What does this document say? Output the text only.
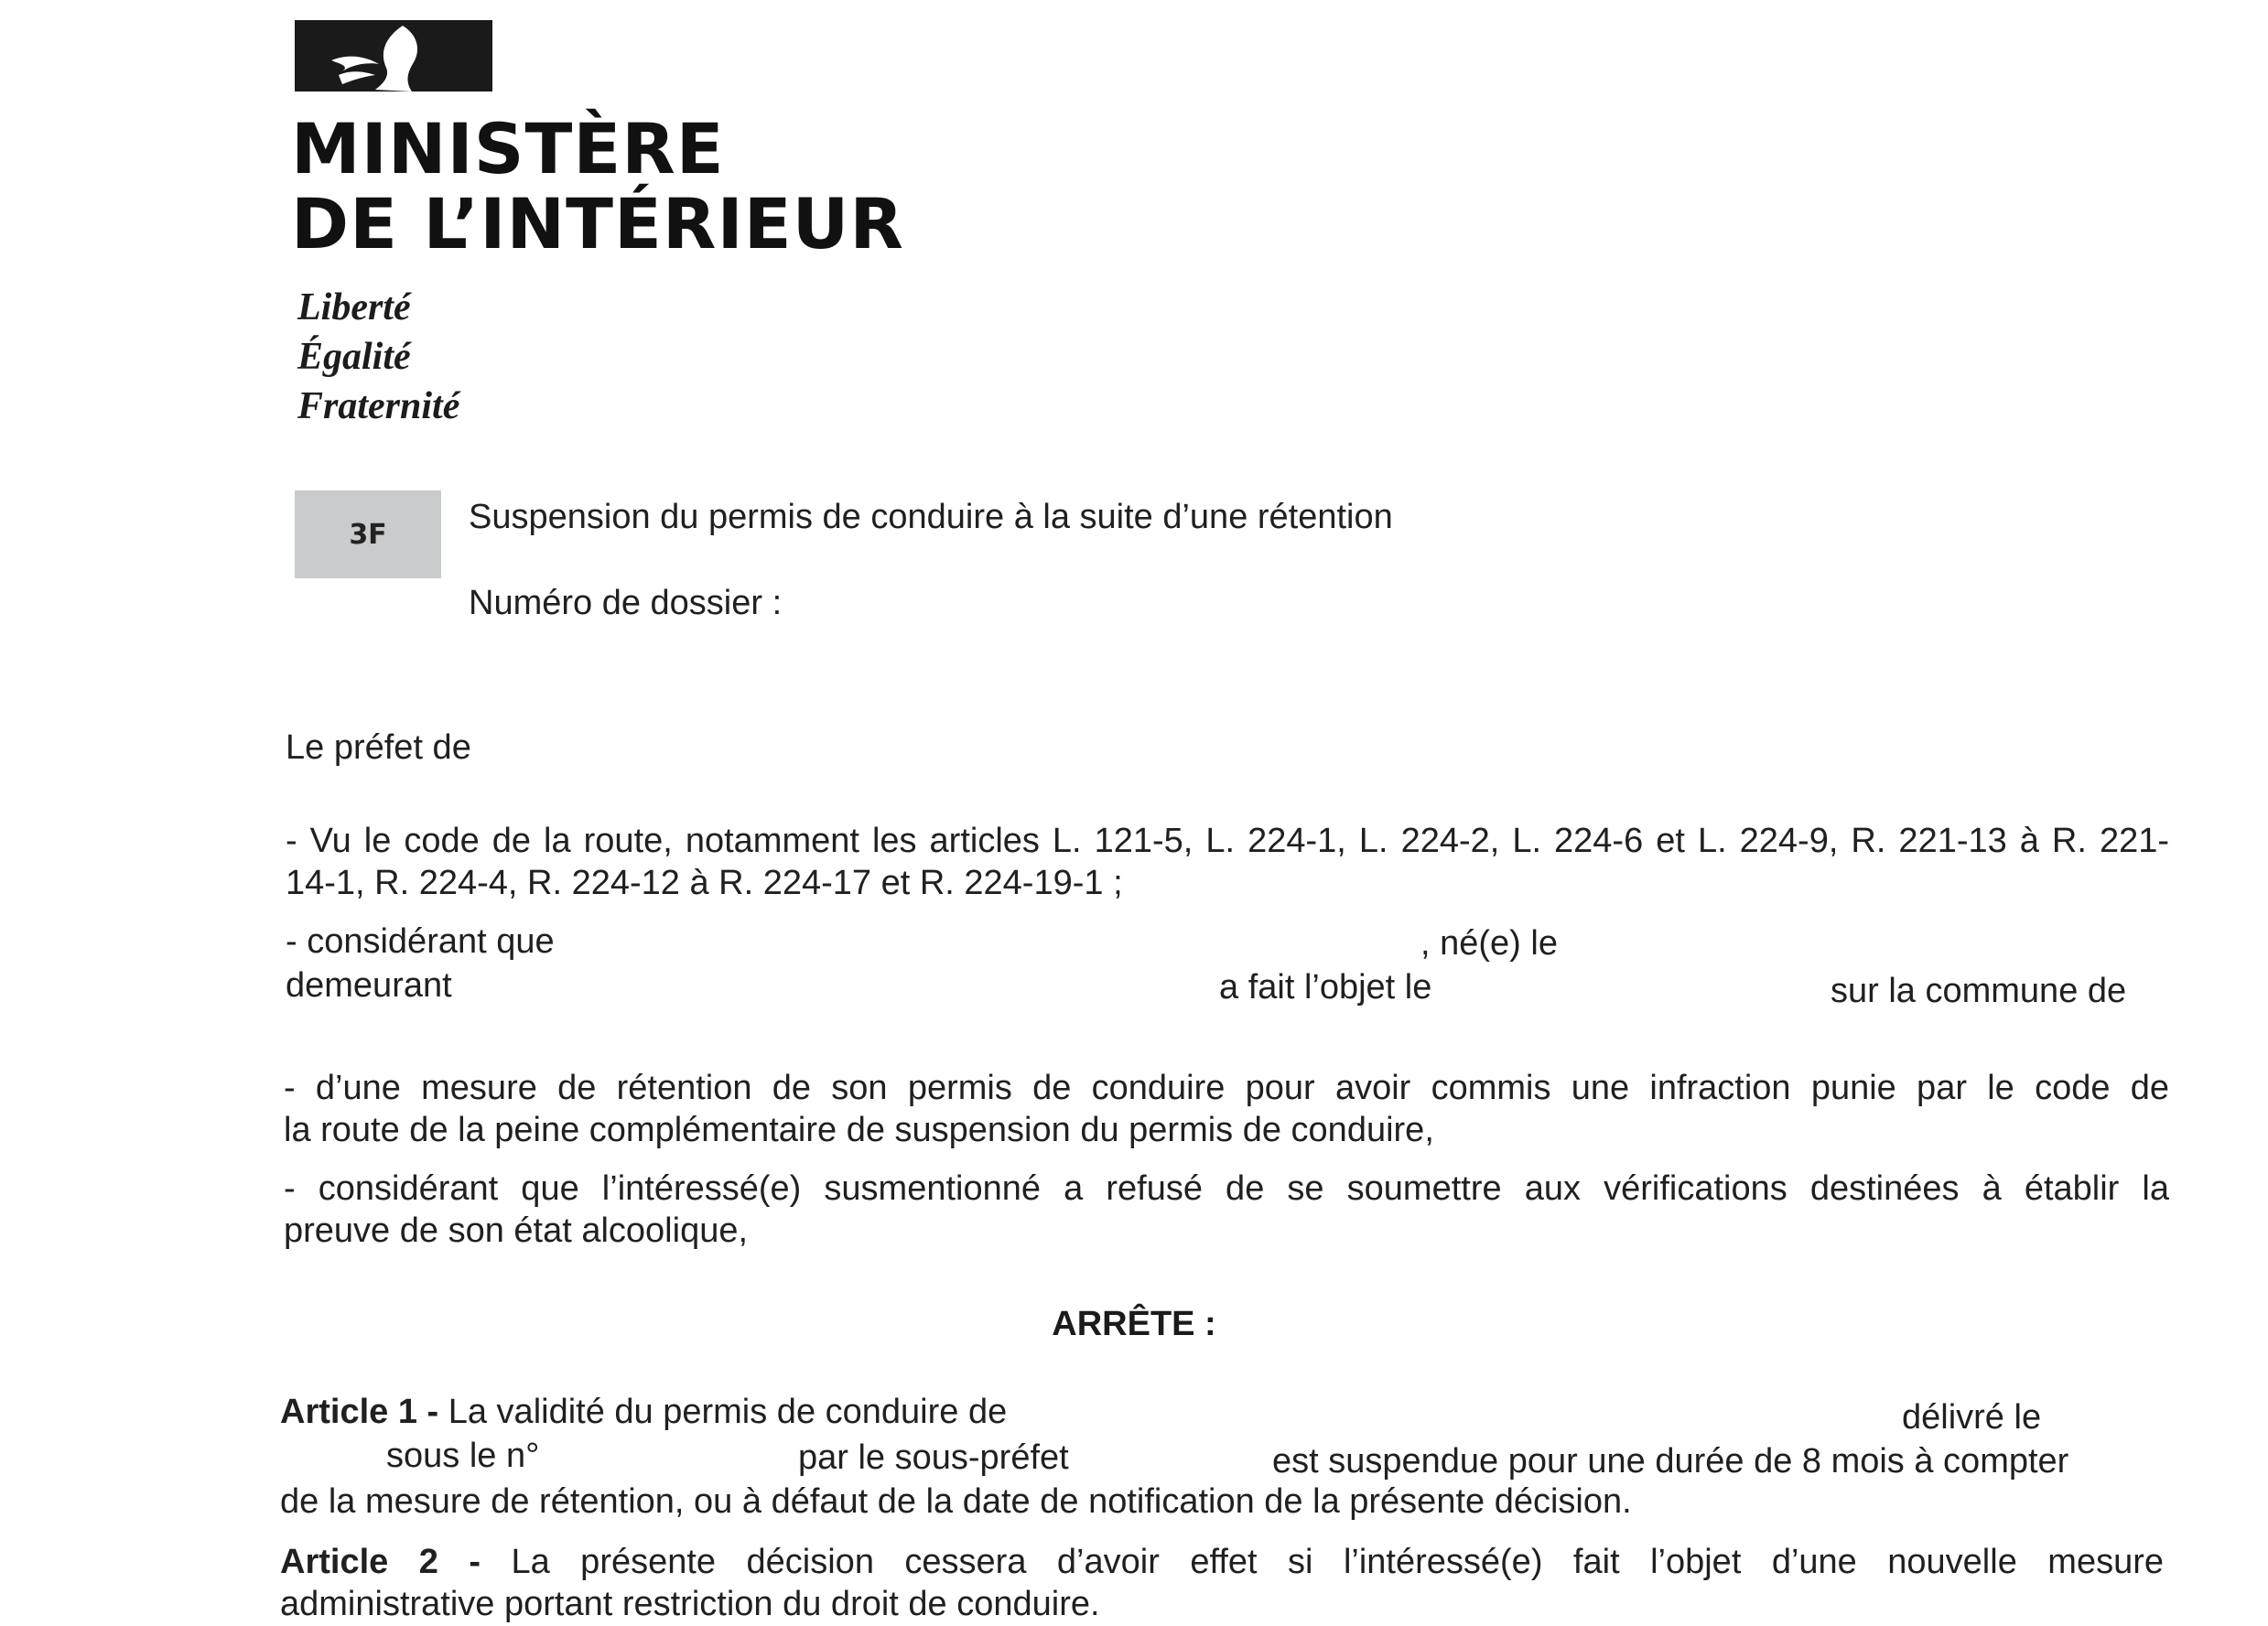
MINISTÈRE
DE L’INTÉRIEUR
Liberté
Égalité
Fraternité
3F Suspension du permis de conduire à la suite d’une rétention
Numéro de dossier :
Le préfet de
- Vu le code de la route, notamment les articles L. 121-5, L. 224-1, L. 224-2, L. 224-6 et L. 224-9, R. 221-13 à R. 221-
14-1, R. 224-4, R. 224-12 à R. 224-17 et R. 224-19-1 ;
- considérant que	, né(e) le
demeurant	a fait l’objet le	sur la commune de
- d’une mesure de rétention de son permis de conduire pour avoir commis une infraction punie par le code de
la route de la peine complémentaire de suspension du permis de conduire,
- considérant que l’intéressé(e) susmentionné a refusé de se soumettre aux vérifications destinées à établir la
preuve de son état alcoolique,
ARRÊTE :
Article 1 - La validité du permis de conduire de	délivré le
sous le n°	par le sous-préfet	est suspendue pour une durée de 8 mois à compter
de la mesure de rétention, ou à défaut de la date de notification de la présente décision.
Article 2 - La présente décision cessera d’avoir effet si l’intéressé(e) fait l’objet d’une nouvelle mesure
administrative portant restriction du droit de conduire.
